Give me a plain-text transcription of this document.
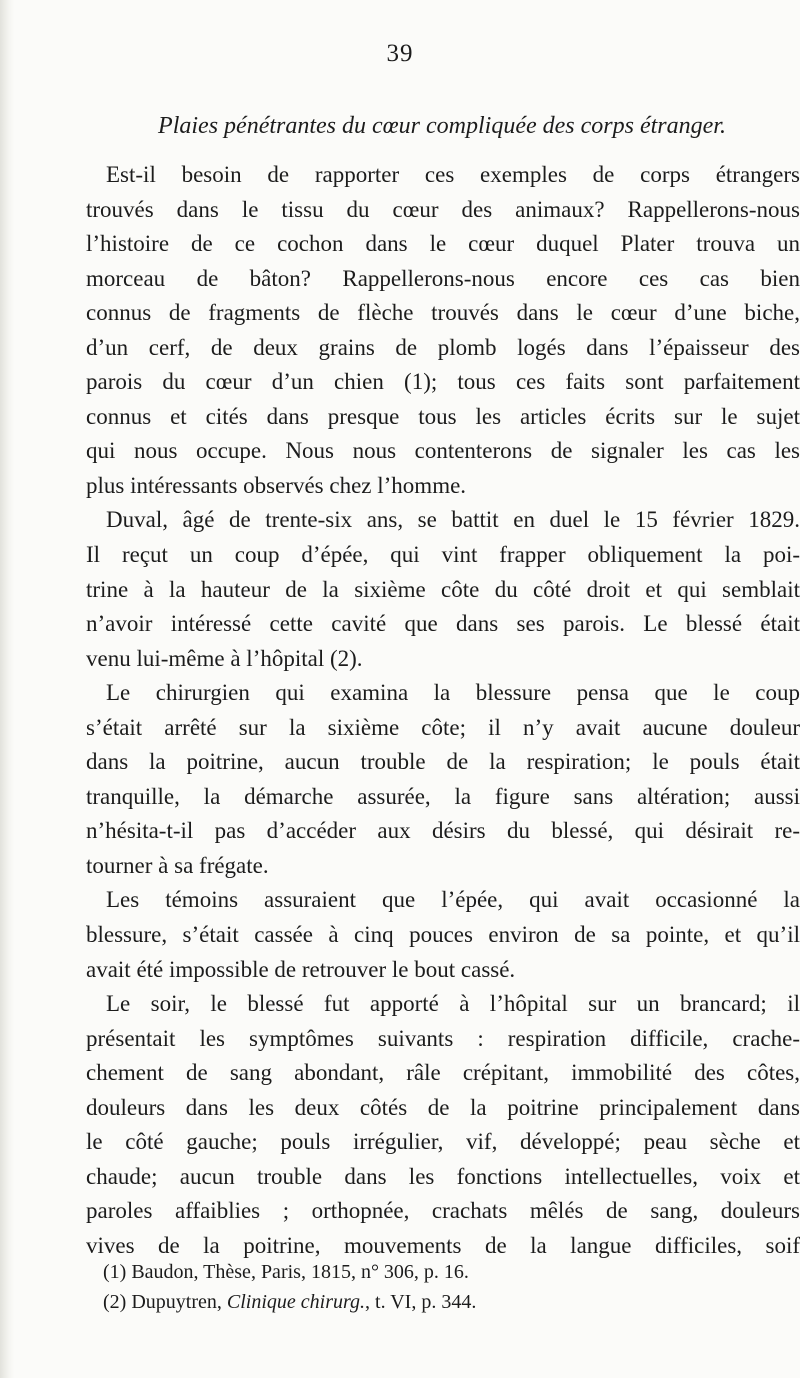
39
Plaies pénétrantes du cœur compliquée des corps étranger.
Est-il besoin de rapporter ces exemples de corps étrangers
trouvés dans le tissu du cœur des animaux? Rappellerons-nous
l’histoire de ce cochon dans le cœur duquel Plater trouva un
morceau de bâton? Rappellerons-nous encore ces cas bien
connus de fragments de flèche trouvés dans le cœur d’une biche,
d’un cerf, de deux grains de plomb logés dans l’épaisseur des
parois du cœur d’un chien (1); tous ces faits sont parfaitement
connus et cités dans presque tous les articles écrits sur le sujet
qui nous occupe. Nous nous contenterons de signaler les cas les
plus intéressants observés chez l’homme.
Duval, âgé de trente-six ans, se battit en duel le 15 février 1829.
Il reçut un coup d’épée, qui vint frapper obliquement la poi-
trine à la hauteur de la sixième côte du côté droit et qui semblait
n’avoir intéressé cette cavité que dans ses parois. Le blessé était
venu lui-même à l’hôpital (2).
Le chirurgien qui examina la blessure pensa que le coup
s’était arrêté sur la sixième côte; il n’y avait aucune douleur
dans la poitrine, aucun trouble de la respiration; le pouls était
tranquille, la démarche assurée, la figure sans altération; aussi
n’hésita-t-il pas d’accéder aux désirs du blessé, qui désirait re-
tourner à sa frégate.
Les témoins assuraient que l’épée, qui avait occasionné la
blessure, s’était cassée à cinq pouces environ de sa pointe, et qu’il
avait été impossible de retrouver le bout cassé.
Le soir, le blessé fut apporté à l’hôpital sur un brancard; il
présentait les symptômes suivants : respiration difficile, crache-
chement de sang abondant, râle crépitant, immobilité des côtes,
douleurs dans les deux côtés de la poitrine principalement dans
le côté gauche; pouls irrégulier, vif, développé; peau sèche et
chaude; aucun trouble dans les fonctions intellectuelles, voix et
paroles affaiblies ; orthopnée, crachats mêlés de sang, douleurs
vives de la poitrine, mouvements de la langue difficiles, soif
(1) Baudon, Thèse, Paris, 1815, n° 306, p. 16.
(2) Dupuytren, Clinique chirurg., t. VI, p. 344.
